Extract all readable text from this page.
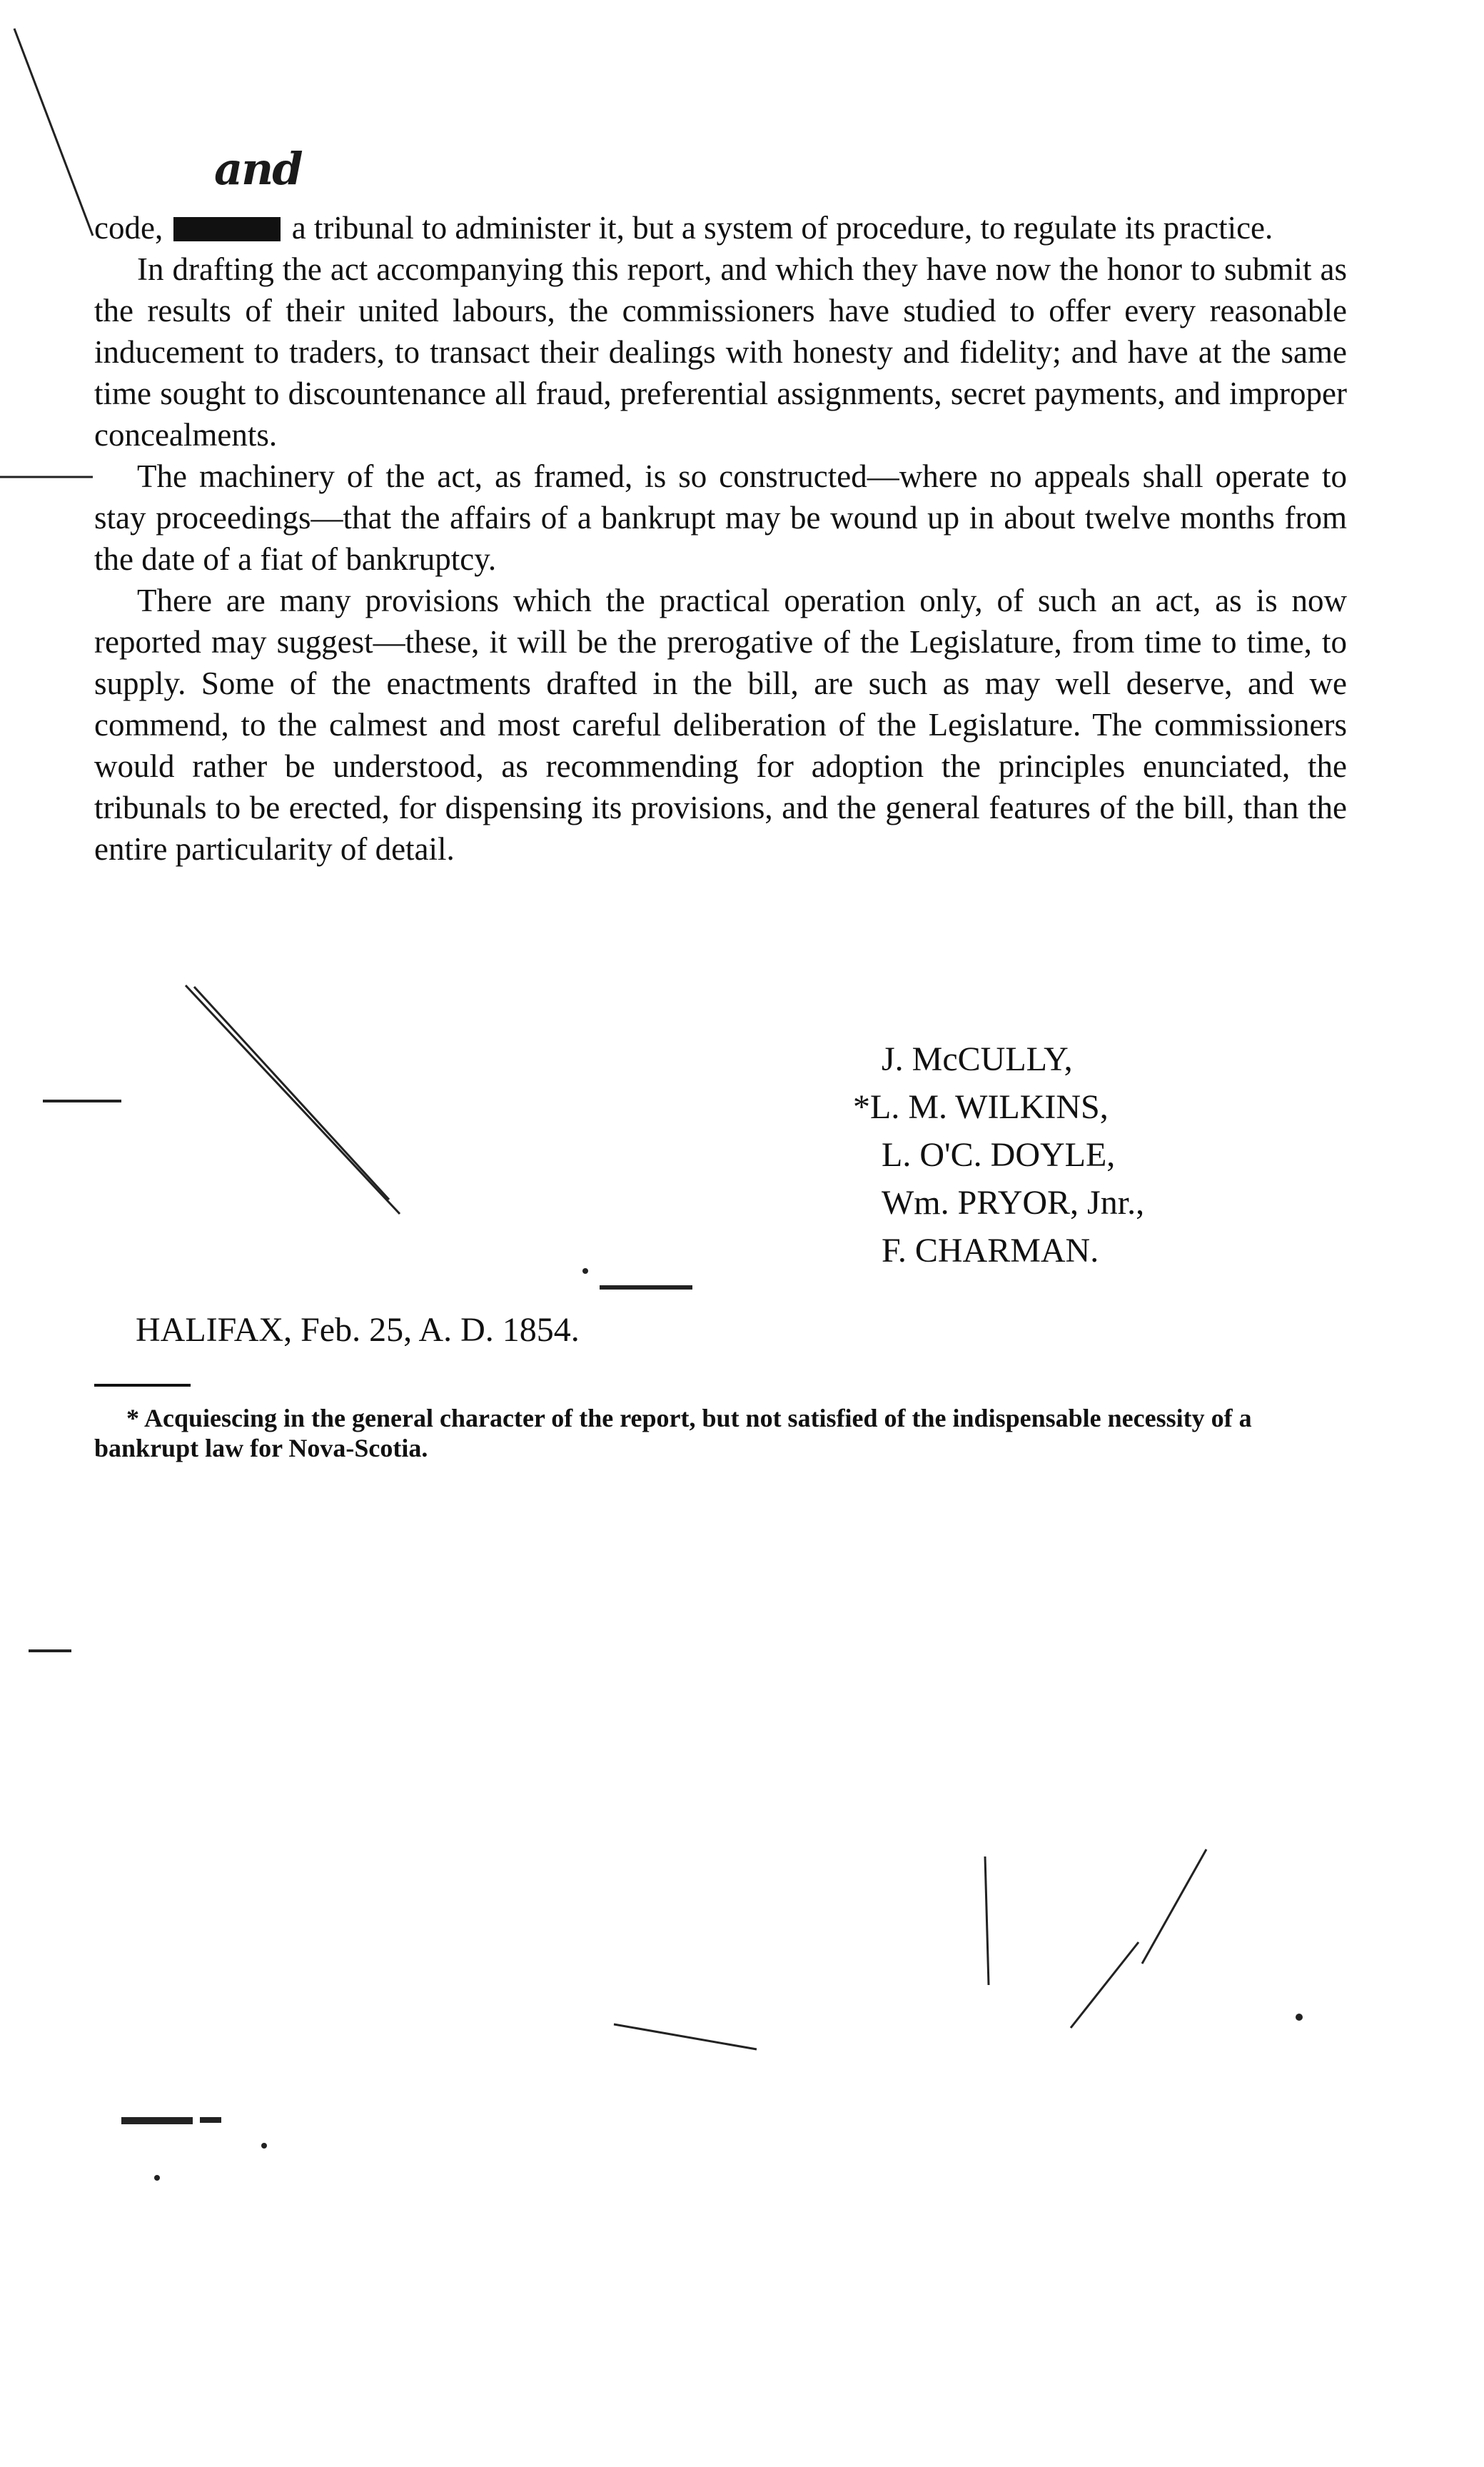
and

code,	a tribunal to administer it, but a system of procedure, to regulate its practice.

In drafting the act accompanying this report, and which they have now the honor to submit as the results of their united labours, the commissioners have studied to offer every reasonable inducement to traders, to transact their dealings with honesty and fidelity; and have at the same time sought to discountenance all fraud, preferential assignments, secret payments, and improper concealments.

The machinery of the act, as framed, is so constructed—where no appeals shall operate to stay proceedings—that the affairs of a bankrupt may be wound up in about twelve months from the date of a fiat of bankruptcy.

There are many provisions which the practical operation only, of such an act, as is now reported may suggest—these, it will be the prerogative of the Legislature, from time to time, to supply. Some of the enactments drafted in the bill, are such as may well deserve, and we commend, to the calmest and most careful deliberation of the Legislature. The commissioners would rather be understood, as recommending for adoption the principles enunciated, the tribunals to be erected, for dispensing its provisions, and the general features of the bill, than the entire particularity of detail.

J. McCULLY,
*L. M. WILKINS,
L. O'C. DOYLE,
Wm. PRYOR, Jnr.,
F. CHARMAN.
HALIFAX, Feb. 25, A. D. 1854.
* Acquiescing in the general character of the report, but not satisfied of the indispensable necessity of a bankrupt law for Nova-Scotia.
